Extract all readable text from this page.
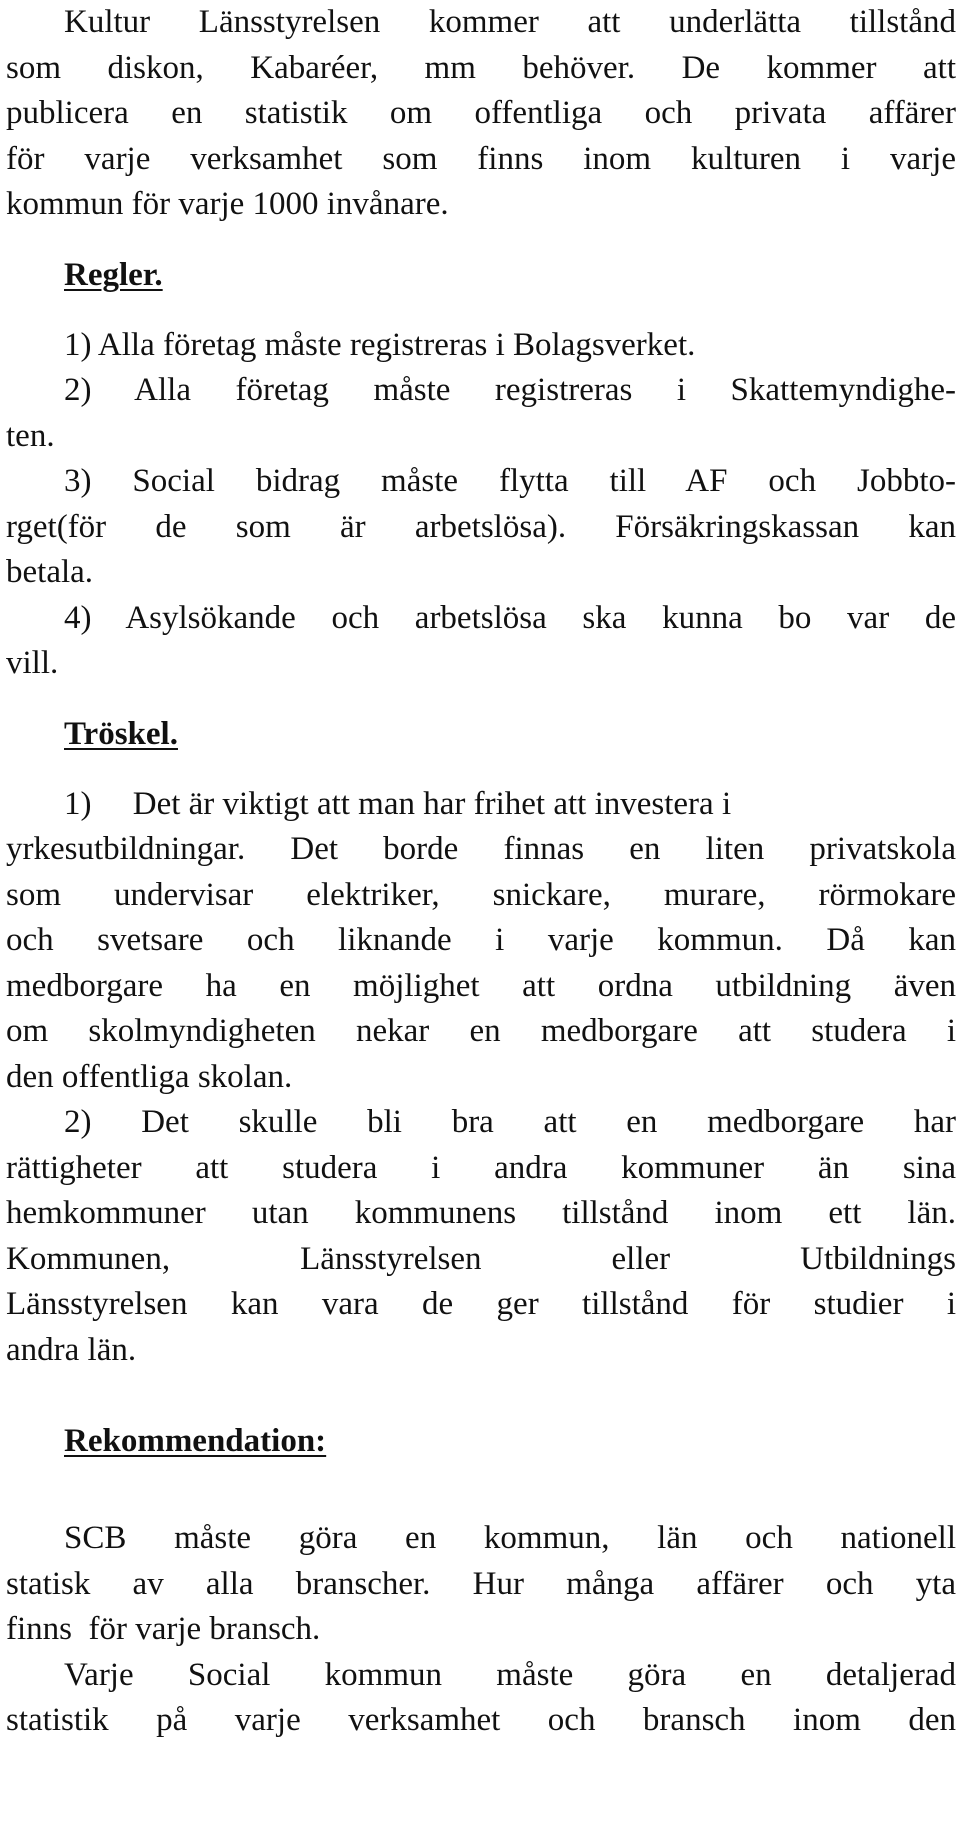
Kultur Länsstyrelsen kommer att underlätta tillstånd
som diskon, Kabaréer, mm behöver. De kommer att
publicera en statistik om offentliga och privata affärer
för varje verksamhet som finns inom kulturen i varje
kommun för varje 1000 invånare.
Regler.
1) Alla företag måste registreras i Bolagsverket.
2) Alla företag måste registreras i Skattemyndighe-
ten.
3) Social bidrag måste flytta till AF och Jobbto-
rget(för de som är arbetslösa). Försäkringskassan kan
betala.
4) Asylsökande och arbetslösa ska kunna bo var de
vill.
Tröskel.
1)     Det är viktigt att man har frihet att investera i
yrkesutbildningar. Det borde finnas en liten privatskola
som undervisar elektriker, snickare, murare, rörmokare
och svetsare och liknande i varje kommun. Då kan
medborgare ha en möjlighet att ordna utbildning även
om skolmyndigheten nekar en medborgare att studera i
den offentliga skolan.
2) Det skulle bli bra att en medborgare har
rättigheter att studera i andra kommuner än sina
hemkommuner utan kommunens tillstånd inom ett län.
Kommunen, Länsstyrelsen eller Utbildnings
Länsstyrelsen kan vara de ger tillstånd för studier i
andra län.
Rekommendation:
SCB måste göra en kommun, län och nationell
statisk av alla branscher. Hur många affärer och yta
finns  för varje bransch.
Varje Social kommun måste göra en detaljerad
statistik på varje verksamhet och bransch inom den
